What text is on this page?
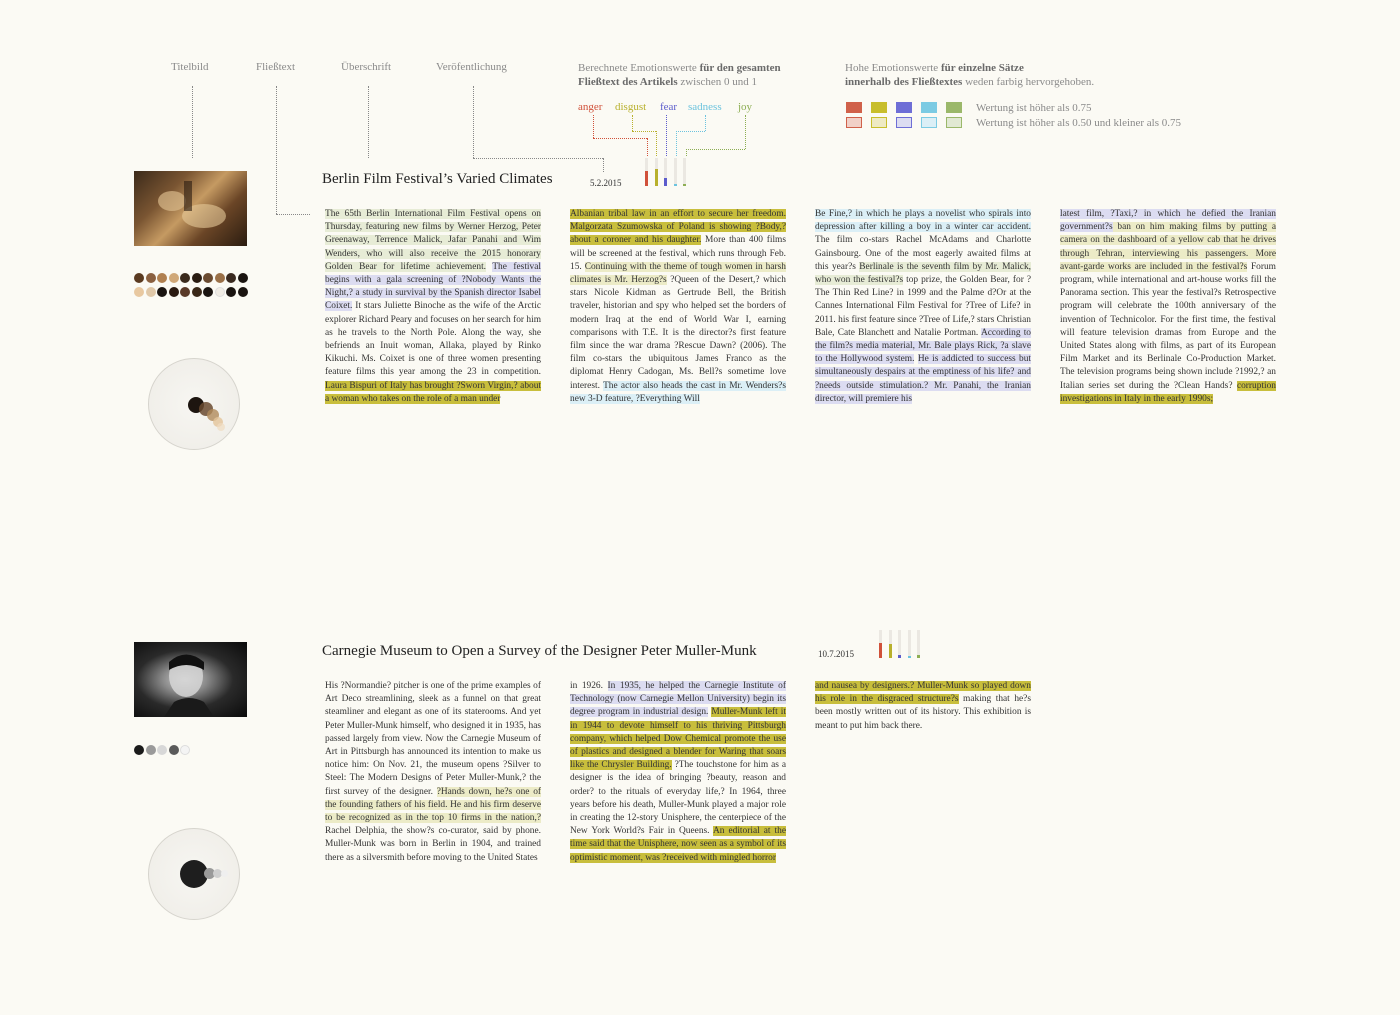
Titelbild	Fließtext	Überschrift	Veröfentlichung	Berechnete Emotionswerte für den gesamten
Fließtext des Artikels zwischen 0 und 1
anger disgust fear sadness joy
Hohe Emotionswerte für einzelne Sätze
innerhalb des Fließtextes weden farbig hervorgehoben.
Wertung ist höher als 0.75
Wertung ist höher als 0.50 und kleiner als 0.75
Berlin Film Festival’s Varied Climates	5.2.2015
The 65th Berlin International Film Festival opens on Thursday, featuring new films by Werner Herzog, Peter Greenaway, Terrence Malick, Jafar Panahi and Wim Wenders, who will also receive the 2015 honorary Golden Bear for lifetime achievement. The festival begins with a gala screening of ?Nobody Wants the Night,? a study in survival by the Spanish director Isabel Coixet. It stars Juliette Binoche as the wife of the Arctic explorer Richard Peary and focuses on her search for him as he travels to the North Pole. Along the way, she befriends an Inuit woman, Allaka, played by Rinko Kikuchi. Ms. Coixet is one of three women presenting feature films this year among the 23 in competition. Laura Bispuri of Italy has brought ?Sworn Virgin,? about a woman who takes on the role of a man under
Albanian tribal law in an effort to secure her freedom. Malgorzata Szumowska of Poland is showing ?Body,? about a coroner and his daughter. More than 400 films will be screened at the festival, which runs through Feb. 15. Continuing with the theme of tough women in harsh climates is Mr. Herzog?s ?Queen of the Desert,? which stars Nicole Kidman as Gertrude Bell, the British traveler, historian and spy who helped set the borders of modern Iraq at the end of World War I, earning comparisons with T.E. It is the director?s first feature film since the war drama ?Rescue Dawn? (2006). The film co-stars the ubiquitous James Franco as the diplomat Henry Cadogan, Ms. Bell?s sometime love interest. The actor also heads the cast in Mr. Wenders?s new 3-D feature, ?Everything Will
Be Fine,? in which he plays a novelist who spirals into depression after killing a boy in a winter car accident. The film co-stars Rachel McAdams and Charlotte Gainsbourg. One of the most eagerly awaited films at this year?s Berlinale is the seventh film by Mr. Malick, who won the festival?s top prize, the Golden Bear, for ?The Thin Red Line? in 1999 and the Palme d?Or at the Cannes International Film Festival for ?Tree of Life? in 2011. his first feature since ?Tree of Life,? stars Christian Bale, Cate Blanchett and Natalie Portman. According to the film?s media material, Mr. Bale plays Rick, ?a slave to the Hollywood system. He is addicted to success but simultaneously despairs at the emptiness of his life? and ?needs outside stimulation.? Mr. Panahi, the Iranian director, will premiere his
latest film, ?Taxi,? in which he defied the Iranian government?s ban on him making films by putting a camera on the dashboard of a yellow cab that he drives through Tehran, interviewing his passengers. More avant-garde works are included in the festival?s Forum program, while international and art-house works fill the Panorama section. This year the festival?s Retrospective program will celebrate the 100th anniversary of the invention of Technicolor. For the first time, the festival will feature television dramas from Europe and the United States along with films, as part of its European Film Market and its Berlinale Co-Production Market. The television programs being shown include ?1992,? an Italian series set during the ?Clean Hands? corruption investigations in Italy in the early 1990s;
Carnegie Museum to Open a Survey of the Designer Peter Muller-Munk	10.7.2015
His ?Normandie? pitcher is one of the prime examples of Art Deco streamlining, sleek as a funnel on that great steamliner and elegant as one of its staterooms. And yet Peter Muller-Munk himself, who designed it in 1935, has passed largely from view. Now the Carnegie Museum of Art in Pittsburgh has announced its intention to make us notice him: On Nov. 21, the museum opens ?Silver to Steel: The Modern Designs of Peter Muller-Munk,? the first survey of the designer. ?Hands down, he?s one of the founding fathers of his field. He and his firm deserve to be recognized as in the top 10 firms in the nation,? Rachel Delphia, the show?s co-curator, said by phone. Muller-Munk was born in Berlin in 1904, and trained there as a silversmith before moving to the United States
in 1926. In 1935, he helped the Carnegie Institute of Technology (now Carnegie Mellon University) begin its degree program in industrial design. Muller-Munk left it in 1944 to devote himself to his thriving Pittsburgh company, which helped Dow Chemical promote the use of plastics and designed a blender for Waring that soars like the Chrysler Building. ?The touchstone for him as a designer is the idea of bringing ?beauty, reason and order? to the rituals of everyday life,? In 1964, three years before his death, Muller-Munk played a major role in creating the 12-story Unisphere, the centerpiece of the New York World?s Fair in Queens. An editorial at the time said that the Unisphere, now seen as a symbol of its optimistic moment, was ?received with mingled horror
and nausea by designers.? Muller-Munk so played down his role in the disgraced structure?s making that he?s been mostly written out of its history. This exhibition is meant to put him back there.
